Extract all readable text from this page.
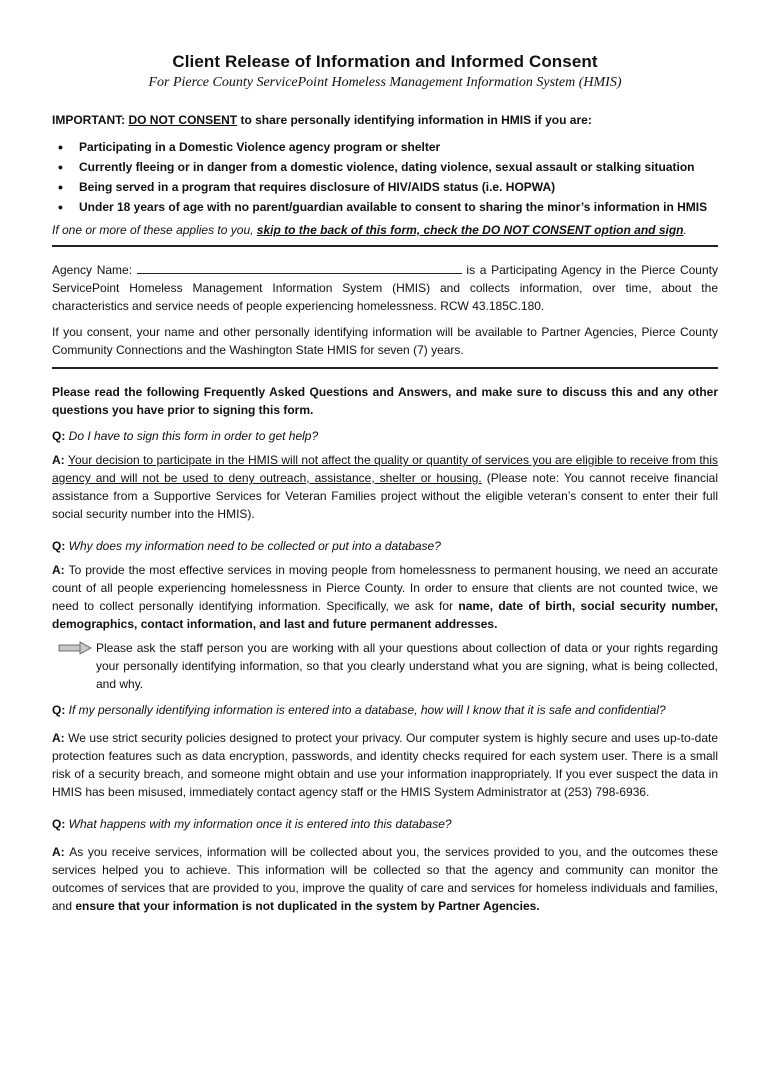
Client Release of Information and Informed Consent
For Pierce County ServicePoint Homeless Management Information System (HMIS)
IMPORTANT: DO NOT CONSENT to share personally identifying information in HMIS if you are:
• Participating in a Domestic Violence agency program or shelter
• Currently fleeing or in danger from a domestic violence, dating violence, sexual assault or stalking situation
• Being served in a program that requires disclosure of HIV/AIDS status (i.e. HOPWA)
• Under 18 years of age with no parent/guardian available to consent to sharing the minor’s information in HMIS
If one or more of these applies to you, skip to the back of this form, check the DO NOT CONSENT option and sign.

Agency Name:	is a Participating Agency in the Pierce County ServicePoint Homeless Management Information System (HMIS) and collects information, over time, about the characteristics and service needs of people experiencing homelessness. RCW 43.185C.180.

If you consent, your name and other personally identifying information will be available to Partner Agencies, Pierce County Community Connections and the Washington State HMIS for seven (7) years.

Please read the following Frequently Asked Questions and Answers, and make sure to discuss this and any other questions you have prior to signing this form.

Q: Do I have to sign this form in order to get help?

A: Your decision to participate in the HMIS will not affect the quality or quantity of services you are eligible to receive from this agency and will not be used to deny outreach, assistance, shelter or housing. (Please note: You cannot receive financial assistance from a Supportive Services for Veteran Families project without the eligible veteran’s consent to enter their full social security number into the HMIS).

Q: Why does my information need to be collected or put into a database?

A: To provide the most effective services in moving people from homelessness to permanent housing, we need an accurate count of all people experiencing homelessness in Pierce County. In order to ensure that clients are not counted twice, we need to collect personally identifying information. Specifically, we ask for name, date of birth, social security number, demographics, contact information, and last and future permanent addresses.

Please ask the staff person you are working with all your questions about collection of data or your rights regarding your personally identifying information, so that you clearly understand what you are signing, what is being collected, and why.

Q: If my personally identifying information is entered into a database, how will I know that it is safe and confidential?

A: We use strict security policies designed to protect your privacy. Our computer system is highly secure and uses up-to-date protection features such as data encryption, passwords, and identity checks required for each system user. There is a small risk of a security breach, and someone might obtain and use your information inappropriately. If you ever suspect the data in HMIS has been misused, immediately contact agency staff or the HMIS System Administrator at (253) 798-6936.

Q: What happens with my information once it is entered into this database?

A: As you receive services, information will be collected about you, the services provided to you, and the outcomes these services helped you to achieve. This information will be collected so that the agency and community can monitor the outcomes of services that are provided to you, improve the quality of care and services for homeless individuals and families, and ensure that your information is not duplicated in the system by Partner Agencies.
